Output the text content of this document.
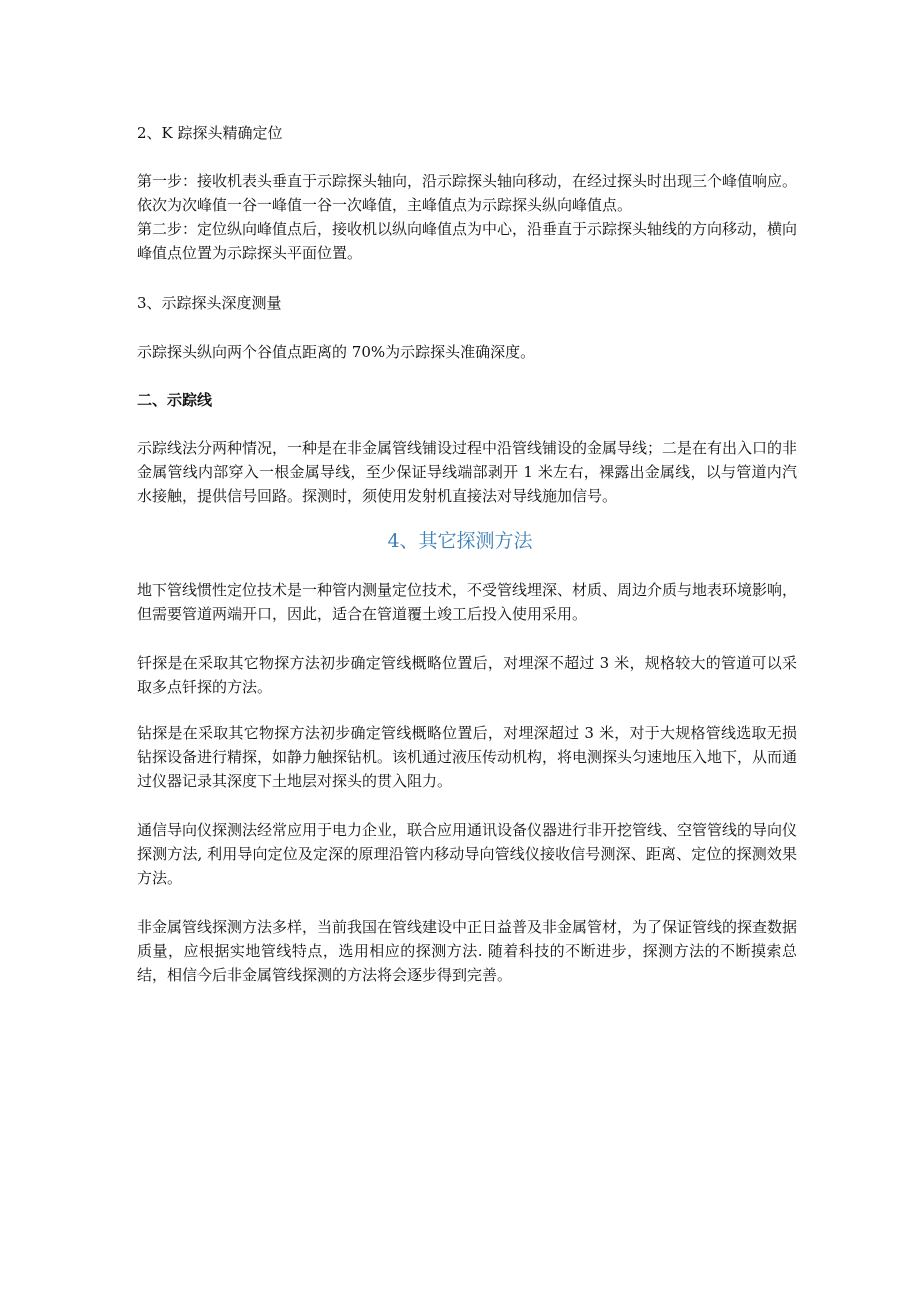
2、K 踪探头精确定位
第一步：接收机表头垂直于示踪探头轴向，沿示踪探头轴向移动，在经过探头时出现三个峰值响应。依次为次峰值一谷一峰值一谷一次峰值，主峰值点为示踪探头纵向峰值点。
第二步：定位纵向峰值点后，接收机以纵向峰值点为中心，沿垂直于示踪探头轴线的方向移动，横向峰值点位置为示踪探头平面位置。
3、示踪探头深度测量
示踪探头纵向两个谷值点距离的 70%为示踪探头准确深度。
二、示踪线
示踪线法分两种情况，一种是在非金属管线铺设过程中沿管线铺设的金属导线；二是在有出入口的非金属管线内部穿入一根金属导线，至少保证导线端部剥开 1 米左右，裸露出金属线，以与管道内汽水接触，提供信号回路。探测时，须使用发射机直接法对导线施加信号。
4、其它探测方法
地下管线惯性定位技术是一种管内测量定位技术，不受管线埋深、材质、周边介质与地表环境影响，但需要管道两端开口，因此，适合在管道覆土竣工后投入使用采用。
钎探是在采取其它物探方法初步确定管线概略位置后，对埋深不超过 3 米，规格较大的管道可以采取多点钎探的方法。
钻探是在采取其它物探方法初步确定管线概略位置后，对埋深超过 3 米，对于大规格管线选取无损钻探设备进行精探，如静力触探钻机。该机通过液压传动机构，将电测探头匀速地压入地下，从而通过仪器记录其深度下土地层对探头的贯入阻力。
通信导向仪探测法经常应用于电力企业，联合应用通讯设备仪器进行非开挖管线、空管管线的导向仪探测方法, 利用导向定位及定深的原理沿管内移动导向管线仪接收信号测深、距离、定位的探测效果方法。
非金属管线探测方法多样，当前我国在管线建设中正日益普及非金属管材，为了保证管线的探查数据质量，应根据实地管线特点，选用相应的探测方法. 随着科技的不断进步，探测方法的不断摸索总结，相信今后非金属管线探测的方法将会逐步得到完善。
